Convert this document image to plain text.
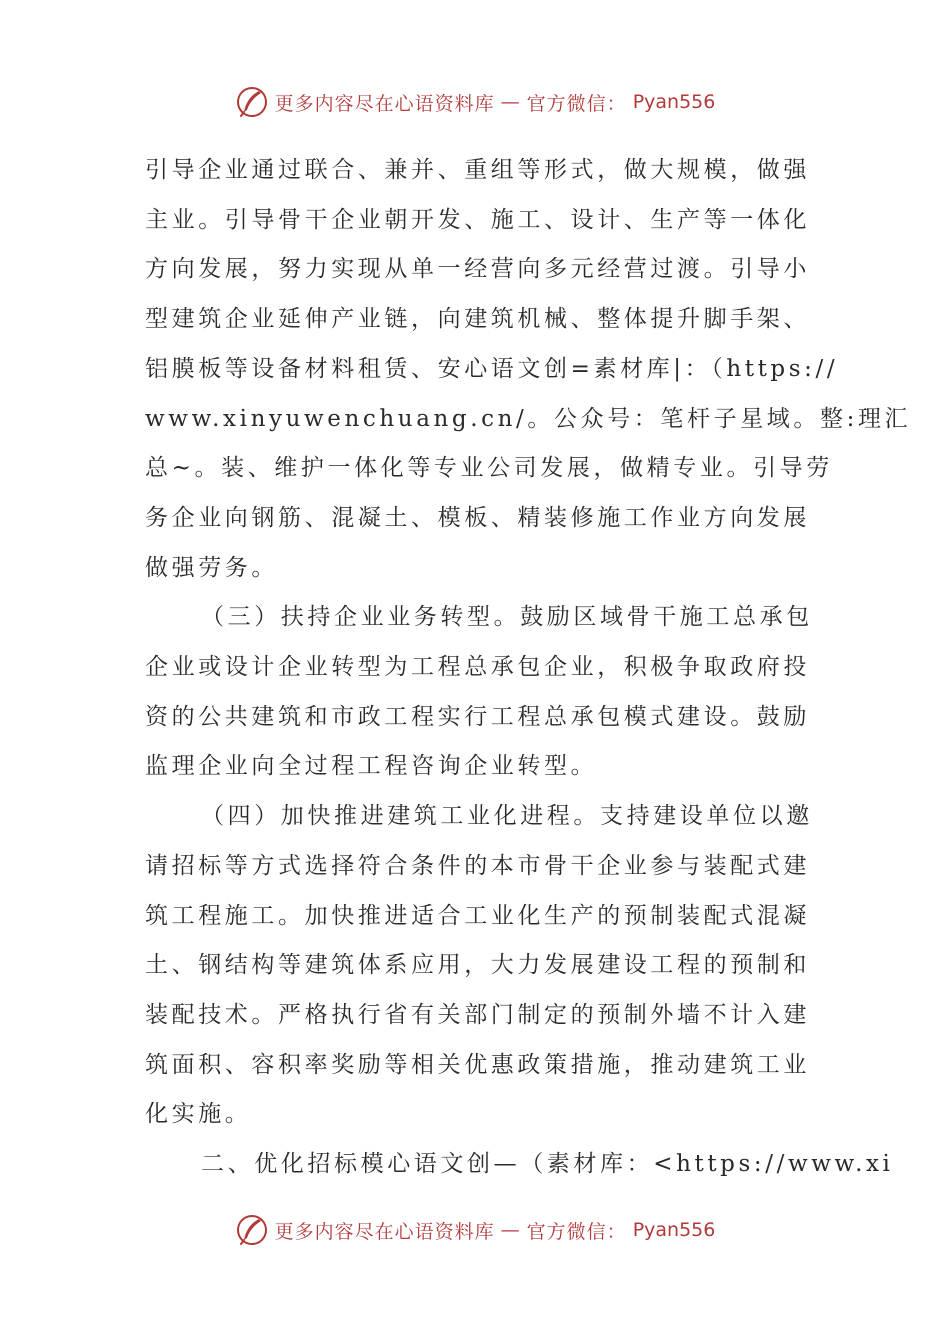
更多内容尽在心语资料库 — 官方微信： Pyan556
引导企业通过联合、兼并、重组等形式，做大规模，做强
主业。引导骨干企业朝开发、施工、设计、生产等一体化
方向发展，努力实现从单一经营向多元经营过渡。引导小
型建筑企业延伸产业链，向建筑机械、整体提升脚手架、
铝膜板等设备材料租赁、安心语文创=素材库|：（https://
www.xinyuwenchuang.cn/。公众号：笔杆子星域。整:理汇
总~。装、维护一体化等专业公司发展，做精专业。引导劳
务企业向钢筋、混凝土、模板、精装修施工作业方向发展
做强劳务。
（三）扶持企业业务转型。鼓励区域骨干施工总承包
企业或设计企业转型为工程总承包企业，积极争取政府投
资的公共建筑和市政工程实行工程总承包模式建设。鼓励
监理企业向全过程工程咨询企业转型。
（四）加快推进建筑工业化进程。支持建设单位以邀
请招标等方式选择符合条件的本市骨干企业参与装配式建
筑工程施工。加快推进适合工业化生产的预制装配式混凝
土、钢结构等建筑体系应用，大力发展建设工程的预制和
装配技术。严格执行省有关部门制定的预制外墙不计入建
筑面积、容积率奖励等相关优惠政策措施，推动建筑工业
化实施。
二、优化招标模心语文创—（素材库：<https://www.xi
更多内容尽在心语资料库 — 官方微信： Pyan556
